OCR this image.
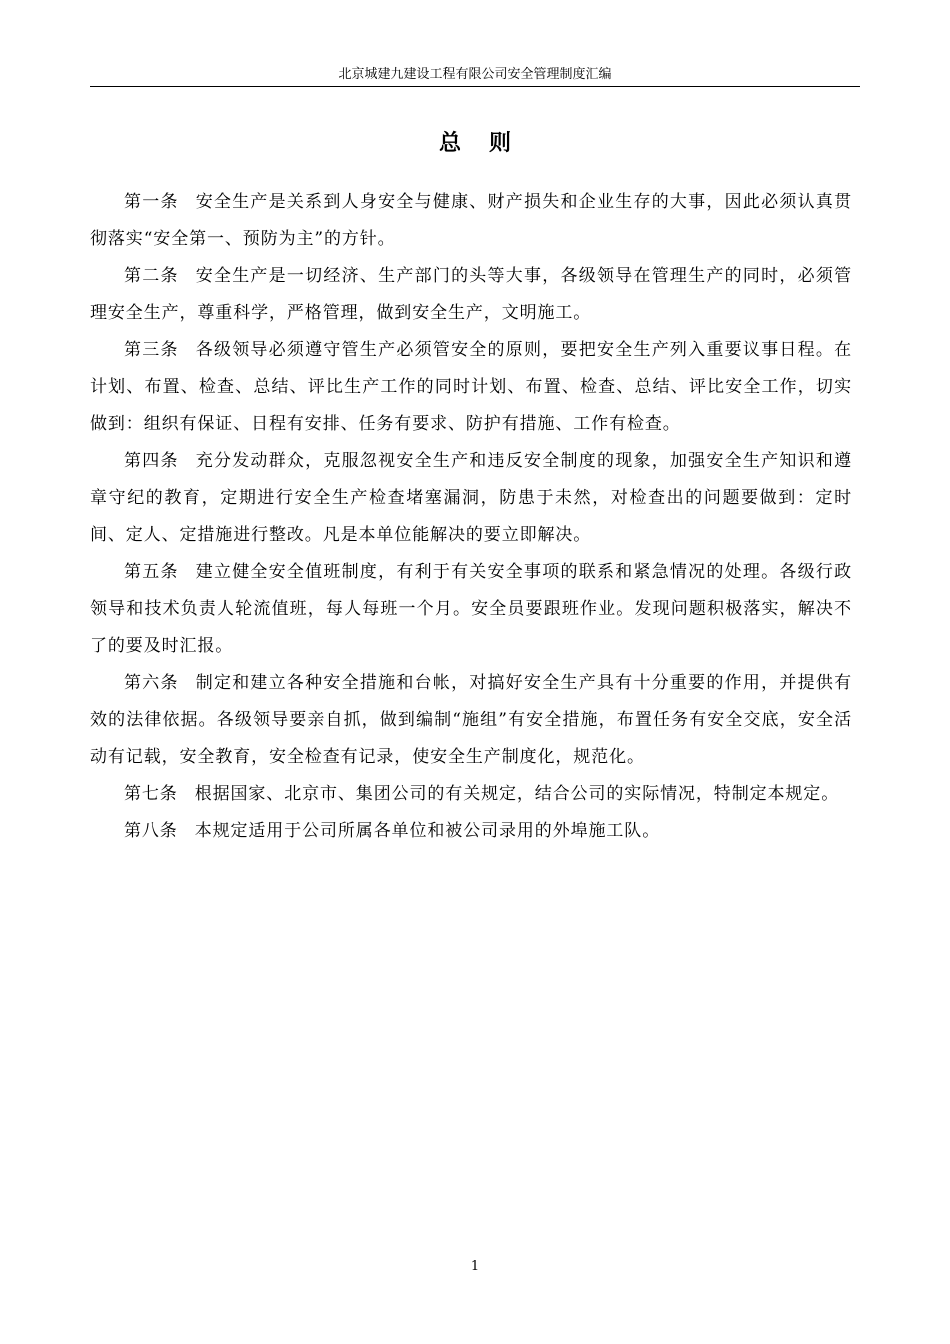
北京城建九建设工程有限公司安全管理制度汇编
总则

第一条 安全生产是关系到人身安全与健康、财产损失和企业生存的大事，因此必须认真贯彻落实“安全第一、预防为主”的方针。

第二条 安全生产是一切经济、生产部门的头等大事，各级领导在管理生产的同时，必须管理安全生产，尊重科学，严格管理，做到安全生产，文明施工。

第三条 各级领导必须遵守管生产必须管安全的原则，要把安全生产列入重要议事日程。在计划、布置、检查、总结、评比生产工作的同时计划、布置、检查、总结、评比安全工作，切实做到：组织有保证、日程有安排、任务有要求、防护有措施、工作有检查。

第四条 充分发动群众，克服忽视安全生产和违反安全制度的现象，加强安全生产知识和遵章守纪的教育，定期进行安全生产检查堵塞漏洞，防患于未然，对检查出的问题要做到：定时间、定人、定措施进行整改。凡是本单位能解决的要立即解决。

第五条 建立健全安全值班制度，有利于有关安全事项的联系和紧急情况的处理。各级行政领导和技术负责人轮流值班，每人每班一个月。安全员要跟班作业。发现问题积极落实，解决不了的要及时汇报。

第六条 制定和建立各种安全措施和台帐，对搞好安全生产具有十分重要的作用，并提供有效的法律依据。各级领导要亲自抓，做到编制“施组”有安全措施，布置任务有安全交底，安全活动有记载，安全教育，安全检查有记录，使安全生产制度化，规范化。

第七条 根据国家、北京市、集团公司的有关规定，结合公司的实际情况，特制定本规定。

第八条 本规定适用于公司所属各单位和被公司录用的外埠施工队。

1
